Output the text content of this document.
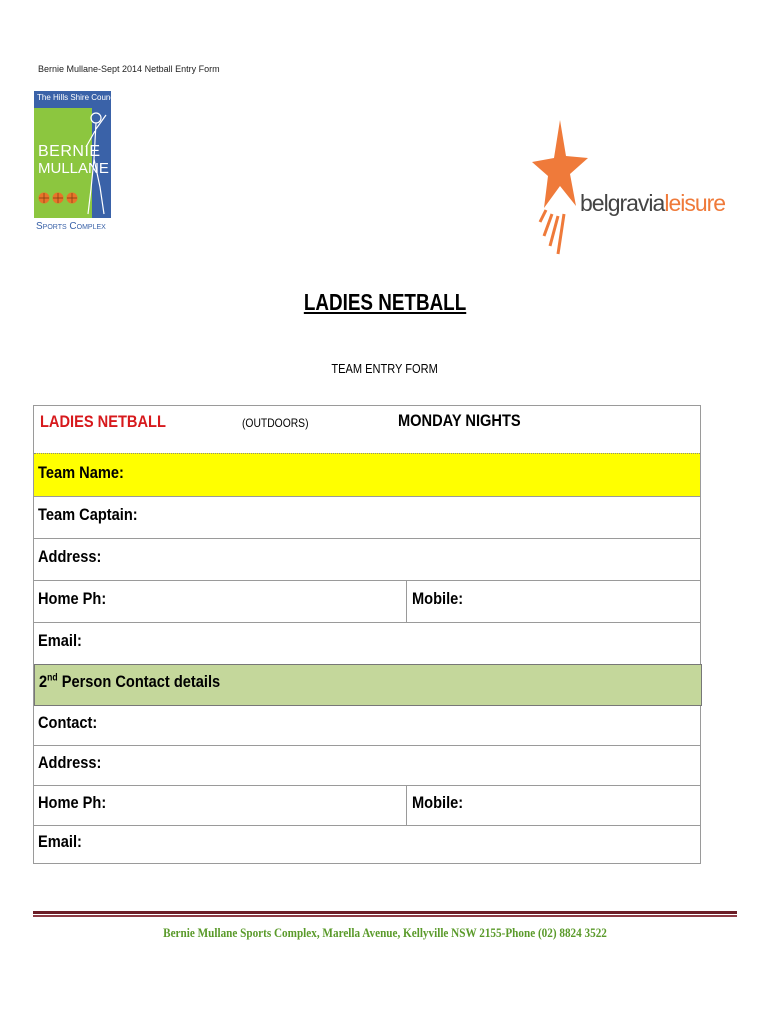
Bernie Mullane-Sept 2014 Netball Entry Form
The Hills Shire Council
BERNIE
MULLANE
Sports Complex
belgravialeisure
LADIES NETBALL
TEAM ENTRY FORM
LADIES NETBALL	(OUTDOORS)	MONDAY NIGHTS
Team Name:
Team Captain:
Address:
Home Ph:	Mobile:
Email:
2nd Person Contact details
Contact:
Address:
Home Ph:	Mobile:
Email:
Bernie Mullane Sports Complex, Marella Avenue, Kellyville NSW 2155-Phone (02) 8824 3522
